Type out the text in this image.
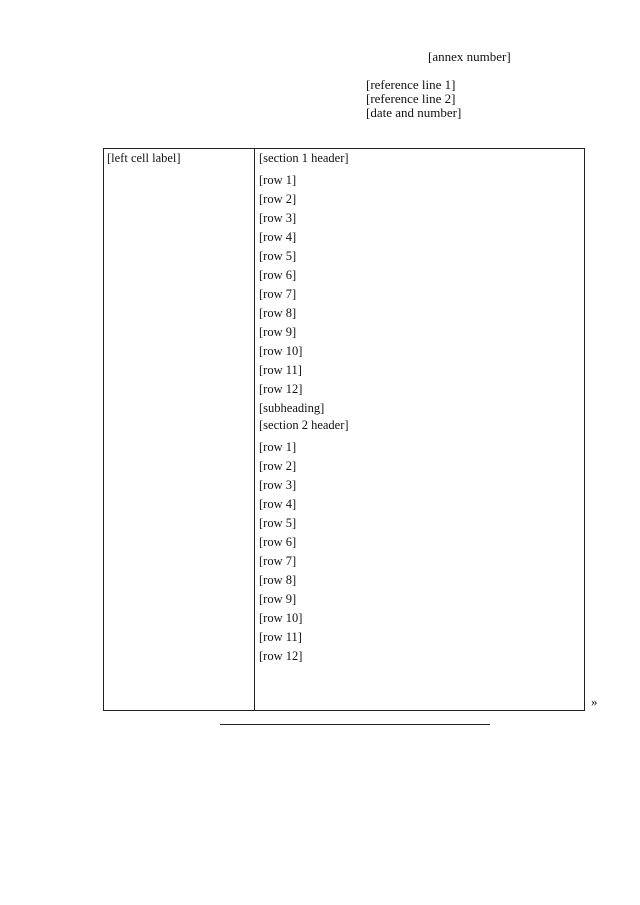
[annex number]
[reference line 1]
[reference line 2]
[date and number]
[left cell label]	[section 1 header]
[row 1]
[row 2]
[row 3]
[row 4]
[row 5]
[row 6]
[row 7]
[row 8]
[row 9]
[row 10]
[row 11]
[row 12]
[subheading]
[section 2 header]
[row 1]
[row 2]
[row 3]
[row 4]
[row 5]
[row 6]
[row 7]
[row 8]
[row 9]
[row 10]
[row 11]
[row 12]
»
